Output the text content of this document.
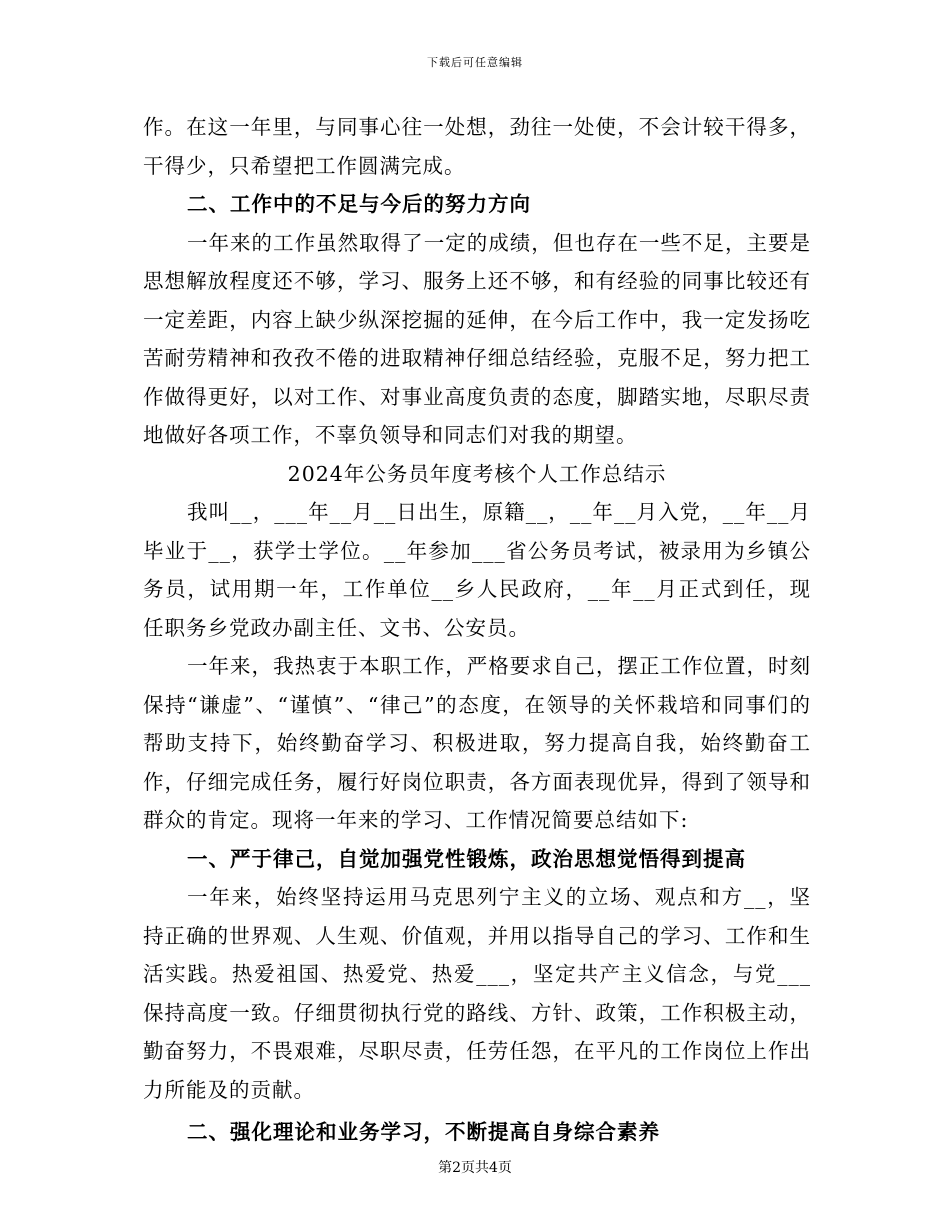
下载后可任意编辑

作。在这一年里，与同事心往一处想，劲往一处使，不会计较干得多，干得少，只希望把工作圆满完成。

二、工作中的不足与今后的努力方向

一年来的工作虽然取得了一定的成绩，但也存在一些不足，主要是思想解放程度还不够，学习、服务上还不够，和有经验的同事比较还有一定差距，内容上缺少纵深挖掘的延伸，在今后工作中，我一定发扬吃苦耐劳精神和孜孜不倦的进取精神仔细总结经验，克服不足，努力把工作做得更好，以对工作、对事业高度负责的态度，脚踏实地，尽职尽责地做好各项工作，不辜负领导和同志们对我的期望。

2024年公务员年度考核个人工作总结示

我叫__，___年__月__日出生，原籍__，__年__月入党，__年__月毕业于__，获学士学位。__年参加___省公务员考试，被录用为乡镇公务员，试用期一年，工作单位__乡人民政府，__年__月正式到任，现任职务乡党政办副主任、文书、公安员。

一年来，我热衷于本职工作，严格要求自己，摆正工作位置，时刻保持“谦虚”、“谨慎”、“律己”的态度，在领导的关怀栽培和同事们的帮助支持下，始终勤奋学习、积极进取，努力提高自我，始终勤奋工作，仔细完成任务，履行好岗位职责，各方面表现优异，得到了领导和群众的肯定。现将一年来的学习、工作情况简要总结如下:

一、严于律己，自觉加强党性锻炼，政治思想觉悟得到提高

一年来，始终坚持运用马克思列宁主义的立场、观点和方__，坚持正确的世界观、人生观、价值观，并用以指导自己的学习、工作和生活实践。热爱祖国、热爱党、热爱___，坚定共产主义信念，与党___保持高度一致。仔细贯彻执行党的路线、方针、政策，工作积极主动，勤奋努力，不畏艰难，尽职尽责，任劳任怨，在平凡的工作岗位上作出力所能及的贡献。

二、强化理论和业务学习，不断提高自身综合素养

第2页共4页
